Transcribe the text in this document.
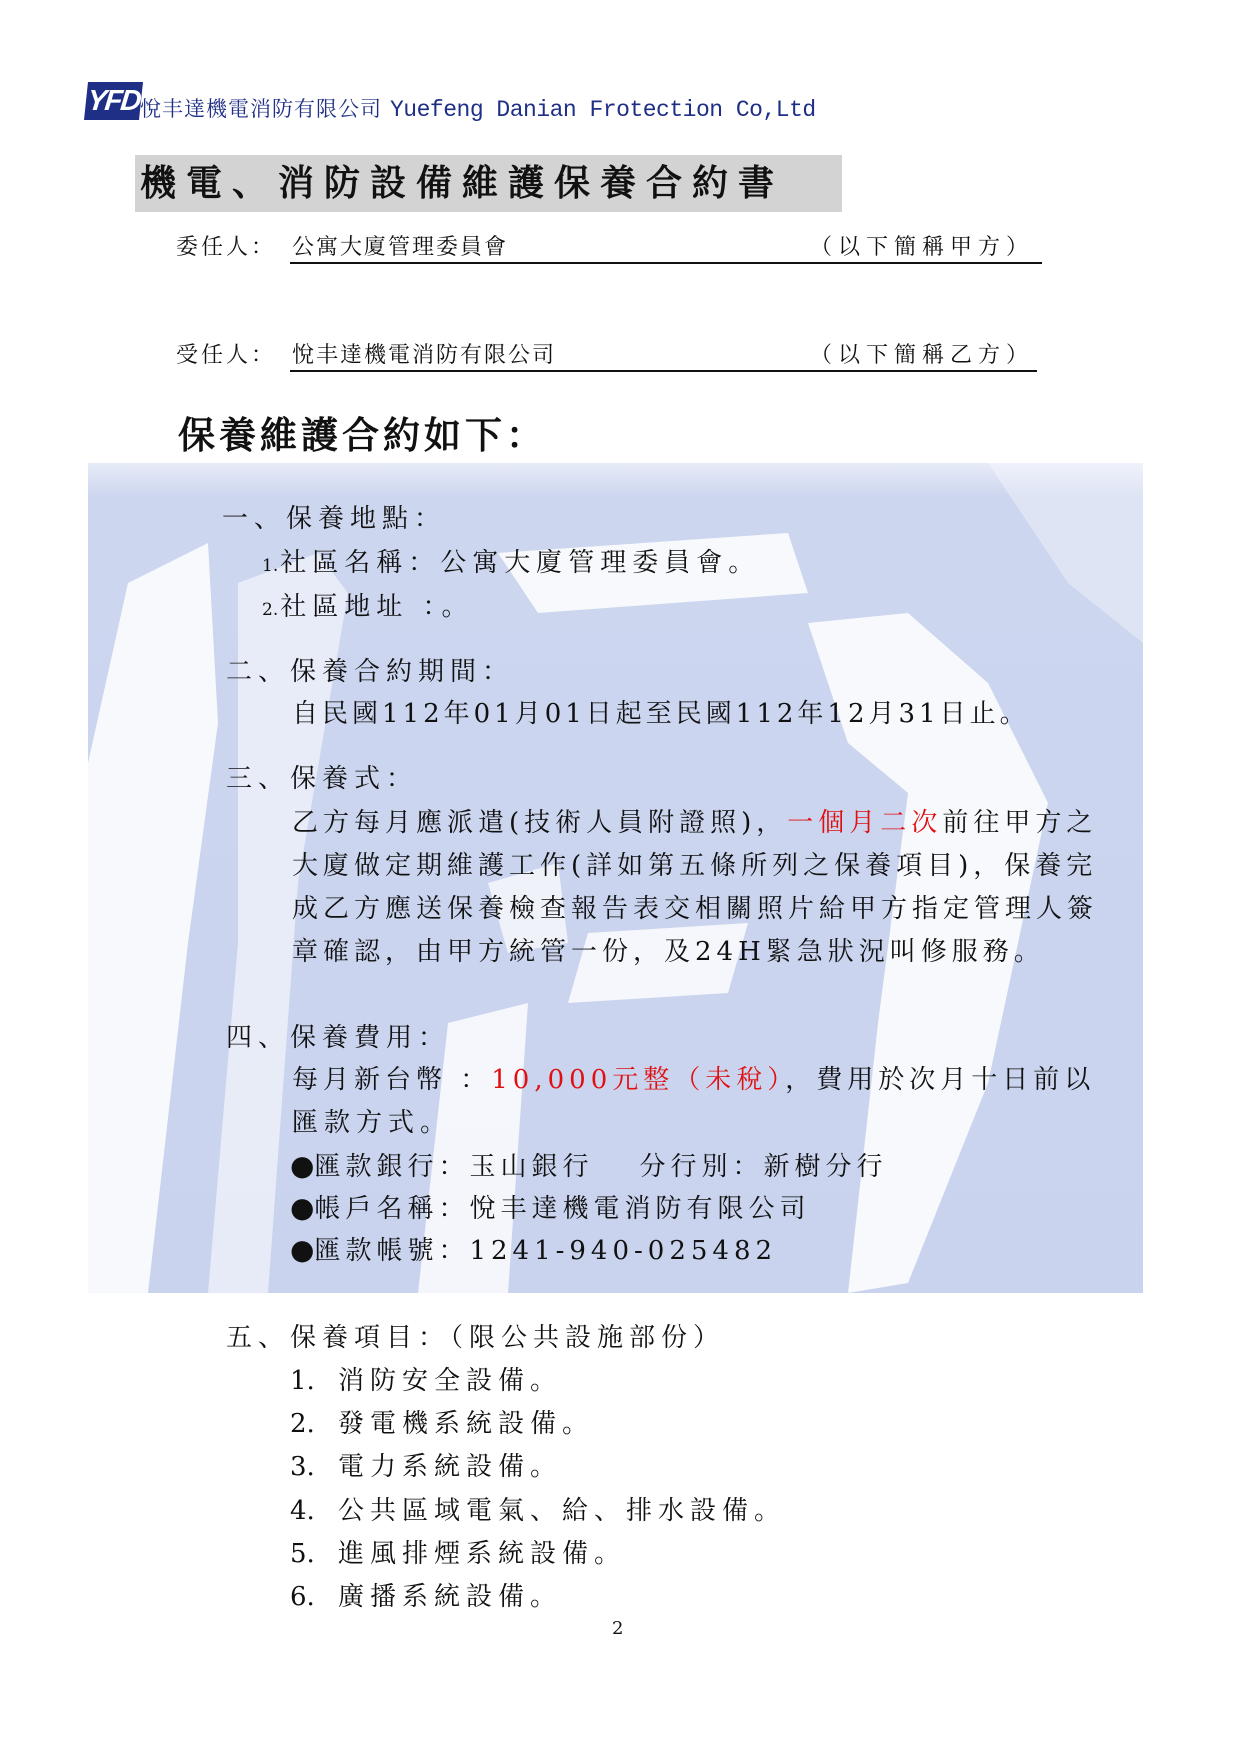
YFD
悅丰達機電消防有限公司 Yuefeng Danian Frotection Co,Ltd
機電、消防設備維護保養合約書
委任人： 公寓大廈管理委員會	（以下簡稱甲方）
受任人： 悅丰達機電消防有限公司	（以下簡稱乙方）
保養維護合約如下：
一、保養地點：
1.社區名稱：公寓大廈管理委員會。
2.社區地址 ：。
二、保養合約期間：
自民國112年01月01日起至民國112年12月31日止。
三、保養式：
乙方每月應派遣(技術人員附證照)，一個月二次前往甲方之
大廈做定期維護工作(詳如第五條所列之保養項目)，保養完
成乙方應送保養檢查報告表交相關照片給甲方指定管理人簽
章確認，由甲方統管一份，及24H緊急狀況叫修服務。
四、保養費用：
每月新台幣 ：10,000元整（未稅），費用於次月十日前以
匯款方式。
●匯款銀行：玉山銀行 分行別：新樹分行
●帳戶名稱：悅丰達機電消防有限公司
●匯款帳號：1241-940-025482
五、保養項目：（限公共設施部份）
1. 消防安全設備。
2. 發電機系統設備。
3. 電力系統設備。
4. 公共區域電氣、給、排水設備。
5. 進風排煙系統設備。
6. 廣播系統設備。
2
